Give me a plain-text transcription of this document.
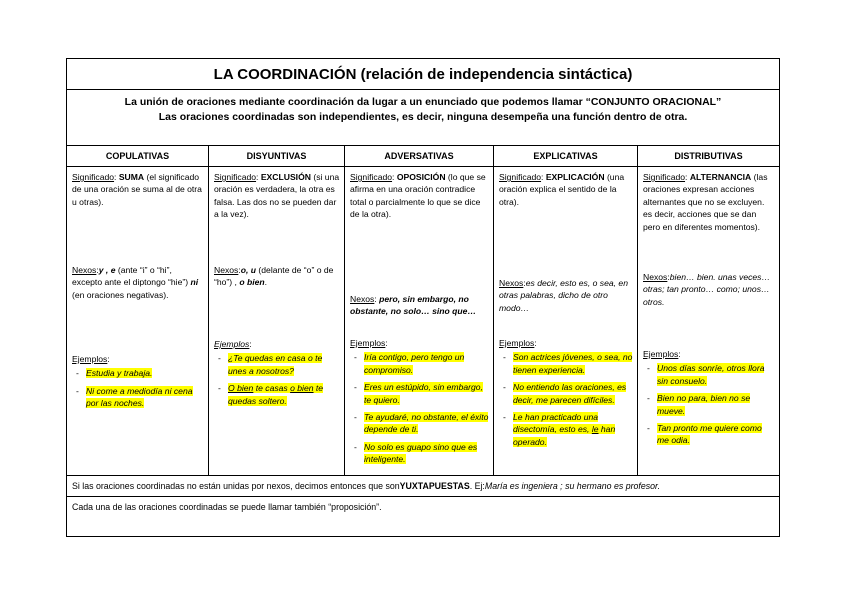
LA COORDINACIÓN (relación de independencia sintáctica)
La unión de oraciones mediante coordinación da lugar a un enunciado que podemos llamar “CONJUNTO ORACIONAL”
Las oraciones coordinadas son independientes, es decir, ninguna desempeña una función dentro de otra.
COPULATIVAS
Significado: SUMA (el significado de una oración se suma al de otra u otras).
Nexos:y , e (ante “i” o “hi”, excepto ante el diptongo “hie”) ni (en oraciones negativas).
Ejemplos:
- Estudia y trabaja.
- Ni come a mediodía ni cena por las noches.
DISYUNTIVAS
Significado: EXCLUSIÓN (si una oración es verdadera, la otra es falsa. Las dos no se pueden dar a la vez).
Nexos:o, u (delante de “o” o de “ho”) , o bien.
Ejemplos:
- ¿Te quedas en casa o te unes a nosotros?
- O bien te casas o bien te quedas soltero.
ADVERSATIVAS
Significado: OPOSICIÓN (lo que se afirma en una oración contradice total o parcialmente lo que se dice de la otra).
Nexos: pero, sin embargo, no obstante, no solo… sino que…
Ejemplos:
- Iría contigo, pero tengo un compromiso.
- Eres un estúpido, sin embargo, te quiero.
- Te ayudaré, no obstante, el éxito depende de ti.
- No solo es guapo sino que es inteligente.
EXPLICATIVAS
Significado: EXPLICACIÓN (una oración explica el sentido de la otra).
Nexos:es decir, esto es, o sea, en otras palabras, dicho de otro modo…
Ejemplos:
- Son actrices jóvenes, o sea, no tienen experiencia.
- No entiendo las oraciones, es decir, me parecen difíciles.
- Le han practicado una disectomía, esto es, le han operado.
DISTRIBUTIVAS
Significado: ALTERNANCIA (las oraciones expresan acciones alternantes que no se excluyen. es decir, acciones que se dan pero en diferentes momentos).
Nexos:bien… bien. unas veces… otras; tan pronto… como; unos… otros.
Ejemplos:
- Unos días sonríe, otros llora sin consuelo.
- Bien no para, bien no se mueve.
- Tan pronto me quiere como me odia.
Si las oraciones coordinadas no están unidas por nexos, decimos entonces que son YUXTAPUESTAS . Ej: María es ingeniera ; su hermano es profesor.
Cada una de las oraciones coordinadas se puede llamar también “proposición”.
